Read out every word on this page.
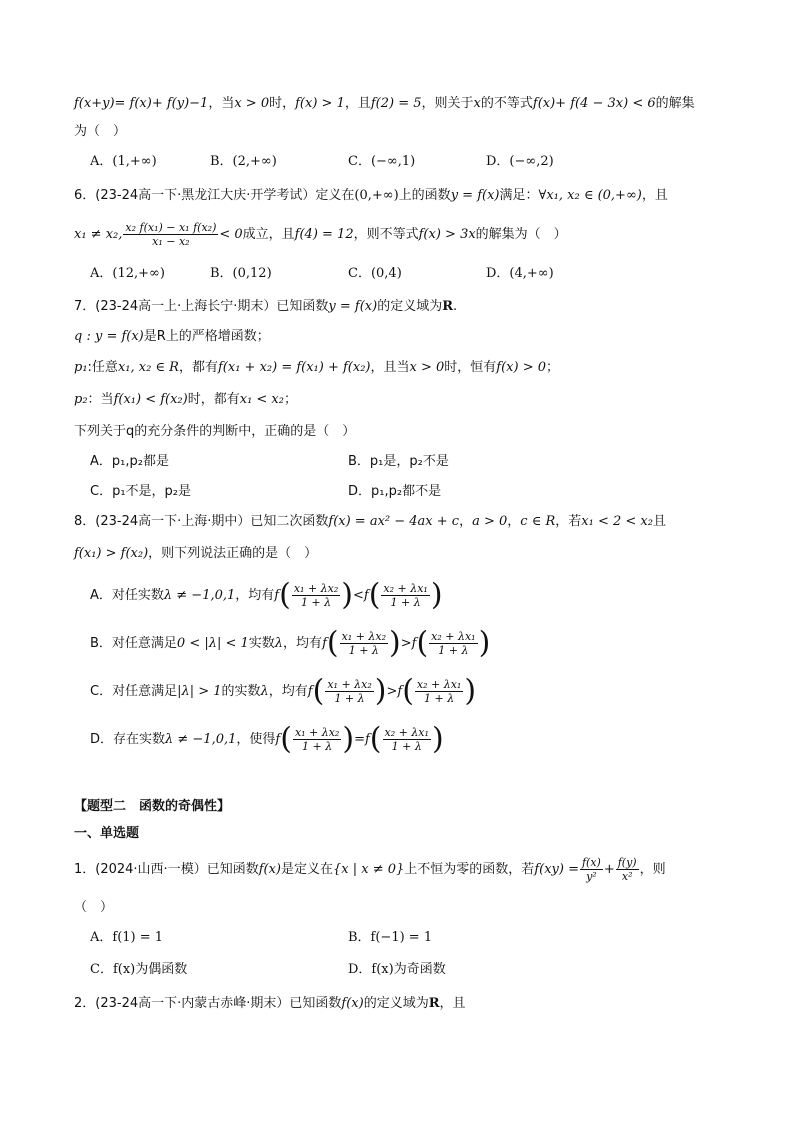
f(x+y)= f(x)+ f(y)−1，当x > 0时，f(x) > 1，且f(2) = 5，则关于x的不等式f(x)+ f(4 − 3x) < 6的解集
为（　）
A．(1,+∞)	B．(2,+∞)	C．(−∞,1)	D．(−∞,2)
6．(23-24高一下·黑龙江大庆·开学考试）定义在(0,+∞)上的函数y = f(x)满足：∀x₁, x₂ ∈ (0,+∞)，且
x₁ ≠ x₂, $\frac{\text{x₂ f(x₁) − x₁ f(x₂)}}{\text{x₁ − x₂}} < 0$成立，且f(4) = 12，则不等式f(x) > 3x的解集为（　）
A．(12,+∞)	B．(0,12)	C．(0,4)	D．(4,+∞)
7．(23-24高一上·上海长宁·期末）已知函数y = f(x)的定义域为R.
q : y = f(x)是R上的严格增函数；
p₁:任意x₁, x₂ ∈ R，都有f(x₁ + x₂) = f(x₁) + f(x₂)，且当x > 0时，恒有f(x) > 0；
p₂：当f(x₁) < f(x₂)时，都有x₁ < x₂；
下列关于q的充分条件的判断中，正确的是（　）
A．p₁,p₂都是	B．p₁是，p₂不是
C．p₁不是，p₂是	D．p₁,p₂都不是
8．(23-24高一下·上海·期中）已知二次函数f(x) = ax² − 4ax + c，a > 0，c ∈ R，若x₁ < 2 < x₂且
f(x₁) > f(x₂)，则下列说法正确的是（　）
A．对任实数λ ≠ −1,0,1，均有$f( \frac{\text{x₁ + λx₂}}{1 + \lambda} )<f( \frac{\text{x₂ + λx₁}}{1 + \lambda}$ )
B．对任意满足0 < |λ| < 1实数λ，均有$f( \frac{\text{x₁ + λx₂}}{1 + \lambda} )>f( \frac{\text{x₂ + λx₁}}{1 + \lambda}$ )
C．对任意满足|λ| > 1的实数λ，均有$f( \frac{\text{x₁ + λx₂}}{1 + \lambda} )>f( \frac{\text{x₂ + λx₁}}{1 + \lambda}$ )
D．存在实数λ ≠ −1,0,1，使得$f( \frac{\text{x₁ + λx₂}}{1 + \lambda} )=f( \frac{\text{x₂ + λx₁}}{1 + \lambda}$ )
【题型二　函数的奇偶性】
一、单选题
1．(2024·山西·一模）已知函数f(x)是定义在{x | x ≠ 0}上不恒为零的函数，若$f(xy) = \frac{f(x)}{\text{y²}} + \frac{f(y)}{\text{x²}}$ ，则
（　）
A．f(1) = 1	B．f(−1) = 1
C．f(x)为偶函数	D．f(x)为奇函数
2．(23-24高一下·内蒙古赤峰·期末）已知函数f(x)的定义域为R，且
